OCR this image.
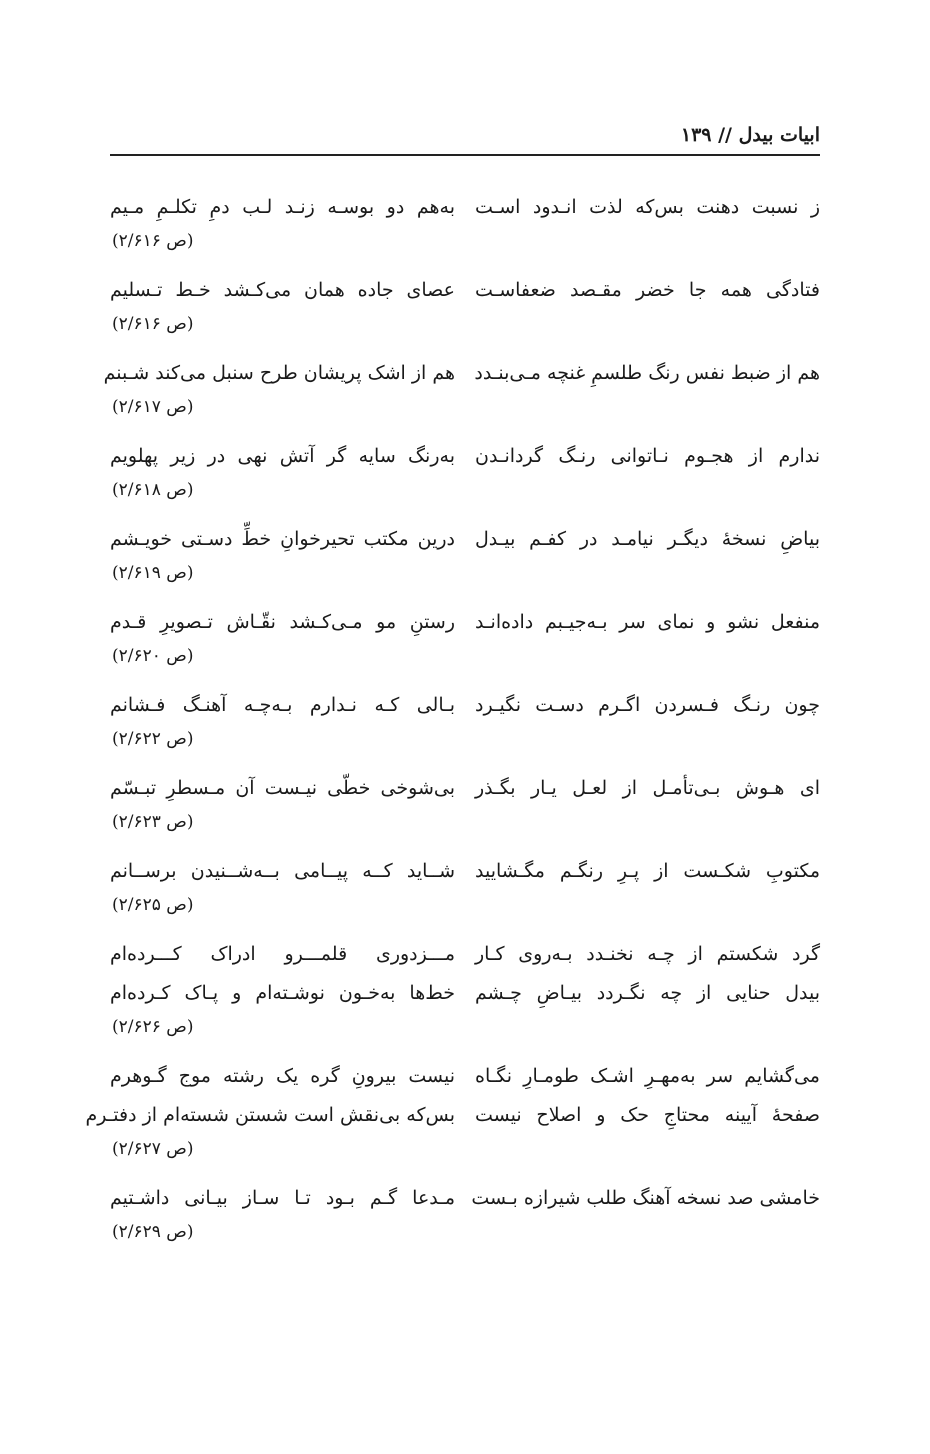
ابیات بیدل // ۱۳۹
ز نسبت دهنت بس‌که لذت انـدود اسـت
به‌هم دو بوسـه زنـد لـب دمِ تکلـمِ مـیم
(ص ۲/۶۱۶)
فتادگی همه جا خضر مقـصد ضعفاسـت
عصای جاده همان می‌کـشد خـط تـسلیم
(ص ۲/۶۱۶)
هم از ضبط نفس رنگ طلسمِ غنچه مـی‌بنـدد
هم از اشک پریشان طرح سنبل می‌کند شـبنم
(ص ۲/۶۱۷)
ندارم از هجـوم نـاتوانی رنـگ گردانـدن
به‌رنگ سایه گر آتش نهی در زیر پهلویم
(ص ۲/۶۱۸)
بیاضِ نسخهٔ دیگـر نیامـد در کفـم بیـدل
درین مکتب تحیرخوانِ خطِّ دسـتی خویـشم
(ص ۲/۶۱۹)
منفعل نشو و نمای سر بـه‌جیـبم داده‌انـد
رستنِ مو مـی‌کـشد نقّـاش تـصویرِ قـدم
(ص ۲/۶۲۰)
چون رنـگ فـسردن اگـرم دسـت نگیـرد
بـالی کـه نـدارم بـه‌چـه آهنـگ فـشانم
(ص ۲/۶۲۲)
ای هـوش بـی‌تأمـل از لعـل یـار بگـذر
بی‌شوخی خطّی نیـست آن مـسطرِ تبـسّم
(ص ۲/۶۲۳)
مکتوبِ شکـست از پـرِ رنگـم مگـشایید
شــاید کــه پیــامی بــه‌شــنیدن برســانم
(ص ۲/۶۲۵)
گرد شکستم از چـه نخنـدد بـه‌روی کـار
مـــزدوری قلمـــرو ادراک کـــرده‌ام
بیدل حنایی از چه نگـردد بیـاضِ چـشم
خط‌ها به‌خـون نوشـته‌ام و پـاک کـرده‌ام
(ص ۲/۶۲۶)
می‌گشایم سر به‌مهـرِ اشـک طومـارِ نگـاه
نیست بیرونِ گره یک رشته موج گـوهرم
صفحهٔ آیینه محتاجِ حک و اصلاح نیست
بس‌که بی‌نقش است شستن شسته‌ام از دفتـرم
(ص ۲/۶۲۷)
خامشی صد نسخه آهنگ طلب شیرازه بـست
مـدعا گـم بـود تـا سـاز بیـانی داشـتیم
(ص ۲/۶۲۹)
